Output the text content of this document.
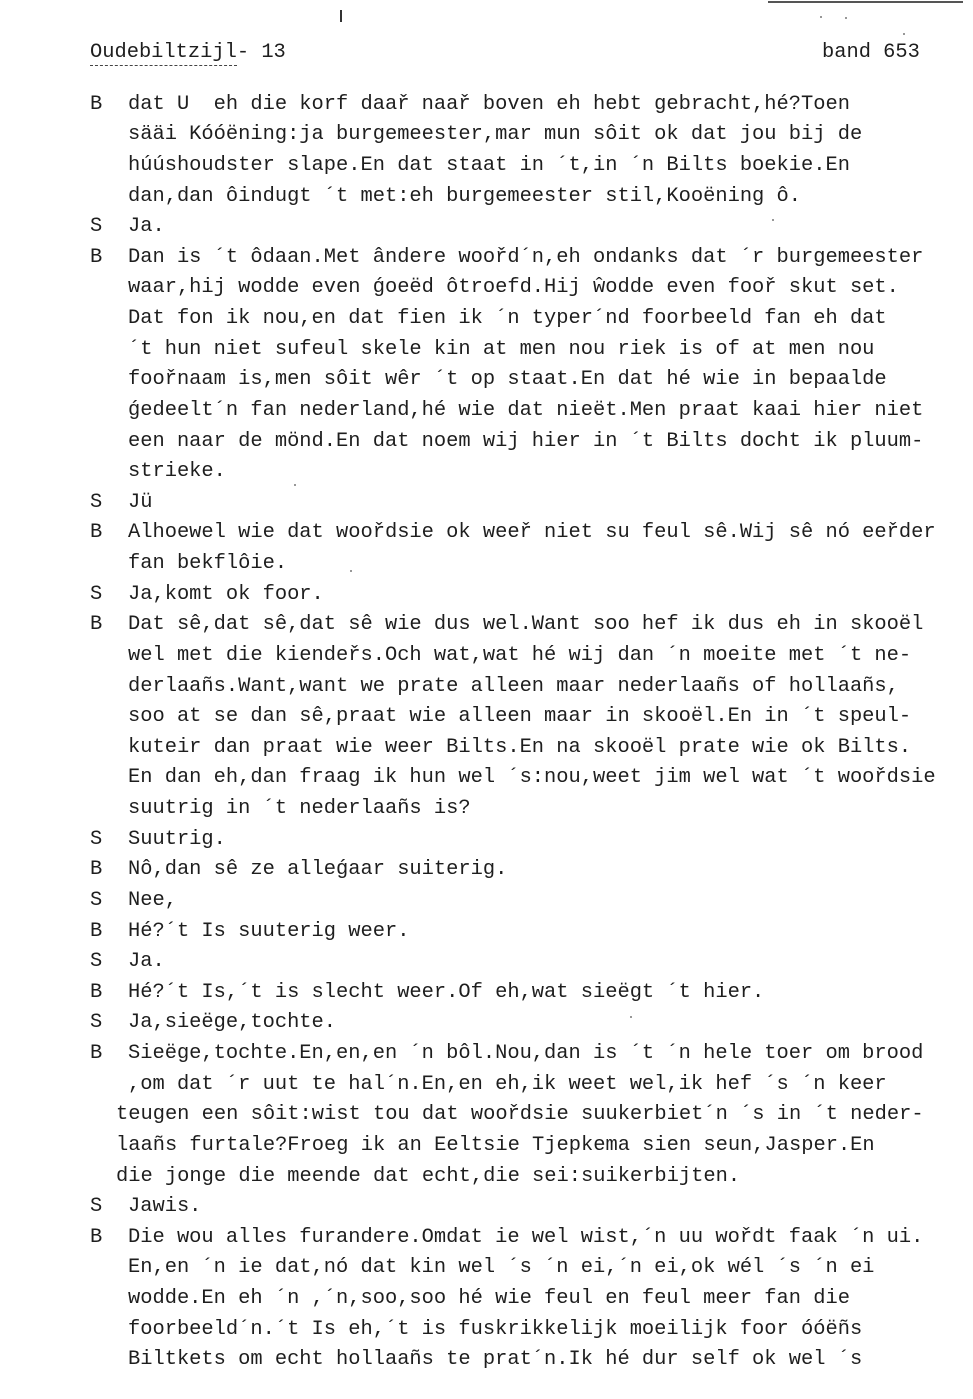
Oudebiltzijl- 13	band 653
B	dat U  eh die korf daař naař boven eh hebt gebracht,hé?Toen
sääi Kóóëning:ja burgemeester,mar mun sôit ok dat jou bij de
húúshoudster slape.En dat staat in ´t,in ´n Bilts boekie.En
dan,dan ôindugt ´t met:eh burgemeester stil,Kooëning ô.
S	Ja.
B	Dan is ´t ôdaan.Met ândere woořd´n,eh ondanks dat ´r burgemeester
waar,hij wodde even ǵoeëd ôtroefd.Hij ŵodde even fooř skut set.
Dat fon ik nou,en dat fien ik ´n typer´nd foorbeeld fan eh dat
´t hun niet sufeul skele kin at men nou riek is of at men nou
foořnaam is,men sôit wêr ´t op staat.En dat hé wie in bepaalde
ǵedeelt´n fan nederland,hé wie dat nieët.Men praat kaai hier niet
een naar de mönd.En dat noem wij hier in ´t Bilts docht ik pluum-
strieke.
S	Jü
B	Alhoewel wie dat woořdsie ok weeř niet su feul sê.Wij sê nó eeřder
fan bekflôie.
S	Ja,komt ok foor.
B	Dat sê,dat sê,dat sê wie dus wel.Want soo hef ik dus eh in skooël
wel met die kiendeřs.Och wat,wat hé wij dan ´n moeite met ´t ne-
derlaañs.Want,want we prate alleen maar nederlaañs of hollaañs,
soo at se dan sê,praat wie alleen maar in skooël.En in ´t speul-
kuteir dan praat wie weer Bilts.En na skooël prate wie ok Bilts.
En dan eh,dan fraag ik hun wel ´s:nou,weet jim wel wat ´t woořdsie
suutrig in ´t nederlaañs is?
S	Suutrig.
B	Nô,dan sê ze alleǵaar suiterig.
S	Nee,
B	Hé?´t Is suuterig weer.
S	Ja.
B	Hé?´t Is,´t is slecht weer.Of eh,wat sieëgt ´t hier.
S	Ja,sieëge,tochte.
B	Sieëge,tochte.En,en,en ´n bôl.Nou,dan is ´t ´n hele toer om brood
,om dat ´r uut te hal´n.En,en eh,ik weet wel,ik hef ´s ´n keer
teugen een sôit:wist tou dat woořdsie suukerbiet´n ´s in ´t neder-
laañs furtale?Froeg ik an Eeltsie Tjepkema sien seun,Jasper.En
die jonge die meende dat echt,die sei:suikerbijten.
S	Jawis.
B	Die wou alles furandere.Omdat ie wel wist,´n uu wořdt faak ´n ui.
En,en ´n ie dat,nó dat kin wel ´s ´n ei,´n ei,ok wél ´s ´n ei
wodde.En eh ´n ,´n,soo,soo hé wie feul en feul meer fan die
foorbeeld´n.´t Is eh,´t is fuskrikkelijk moeilijk foor óóëñs
Biltkets om echt hollaañs te prat´n.Ik hé dur self ok wel ´s
